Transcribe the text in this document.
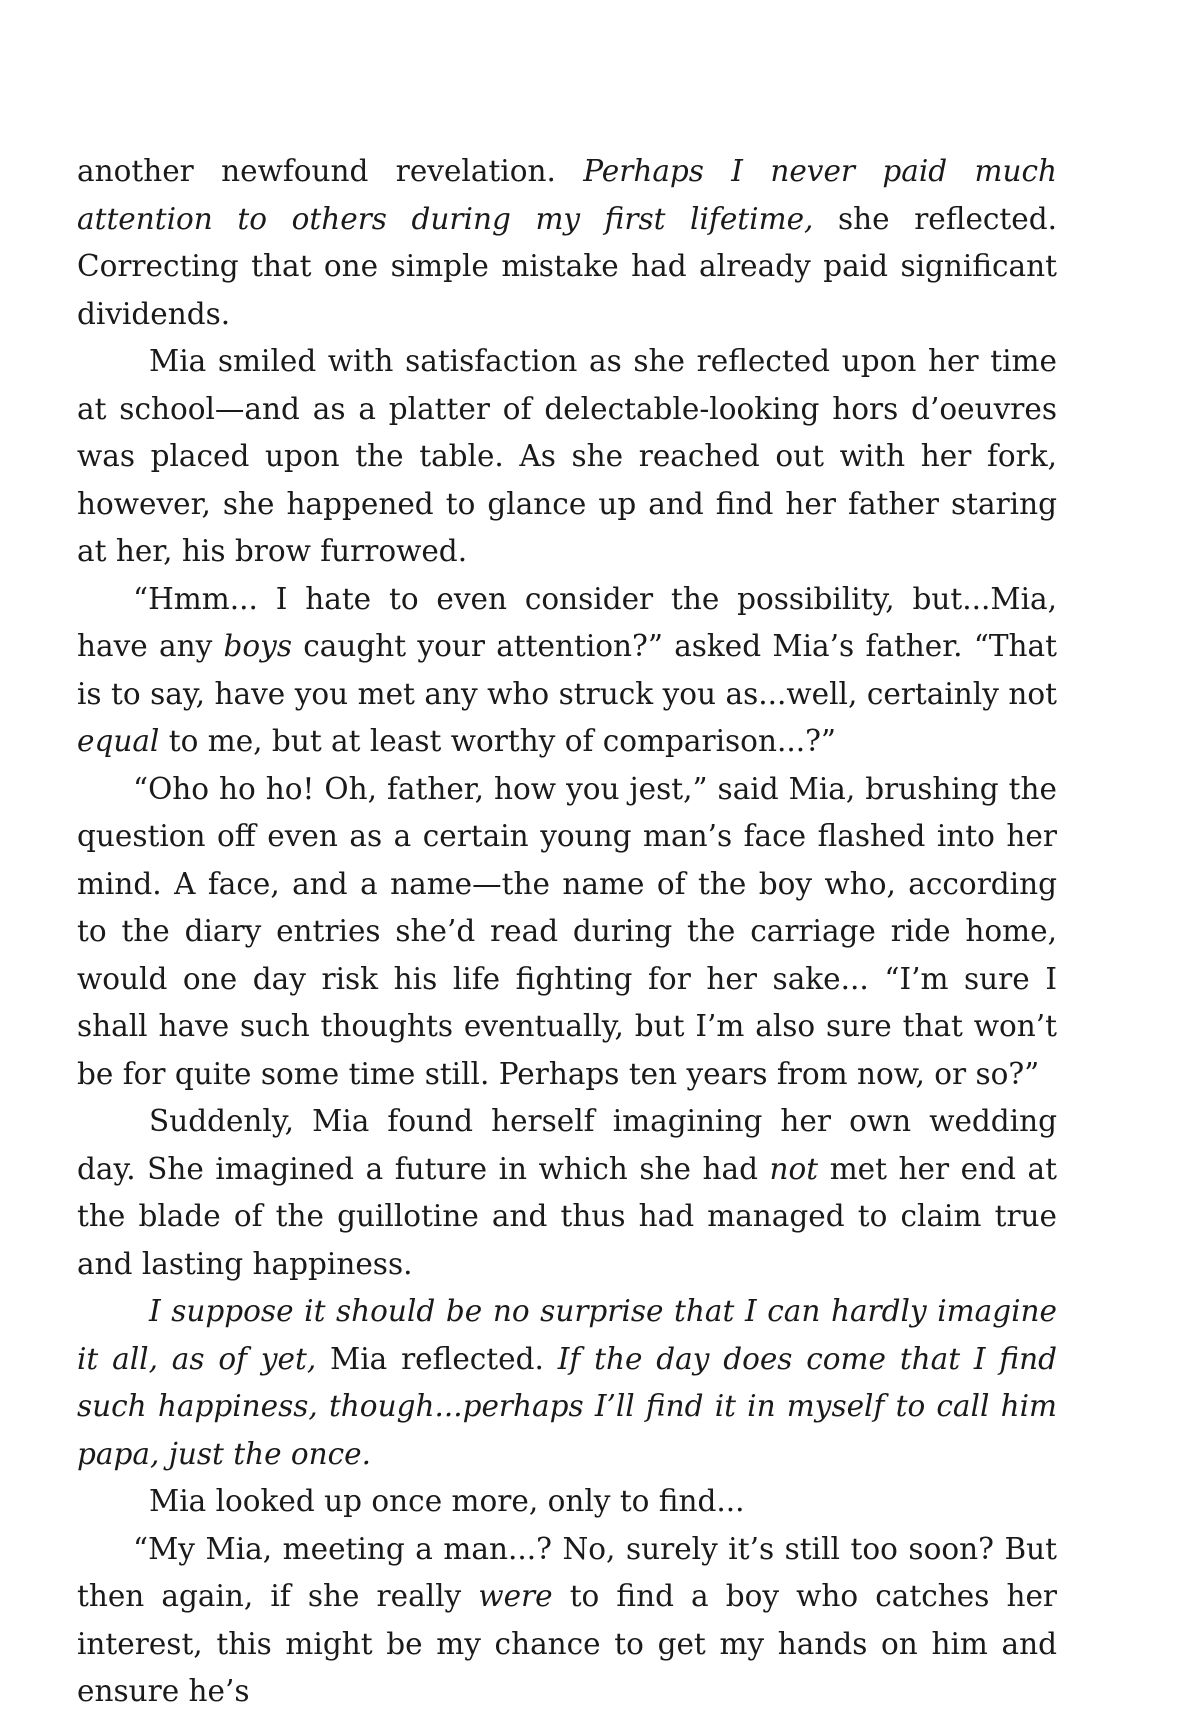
another newfound revelation. Perhaps I never paid much attention to others during my first lifetime, she reflected. Correcting that one simple mistake had already paid significant dividends.

Mia smiled with satisfaction as she reflected upon her time at school—and as a platter of delectable-looking hors d’oeuvres was placed upon the table. As she reached out with her fork, however, she happened to glance up and find her father staring at her, his brow furrowed.

“Hmm... I hate to even consider the possibility, but...Mia, have any boys caught your attention?” asked Mia’s father. “That is to say, have you met any who struck you as...well, certainly not equal to me, but at least worthy of comparison...?”

“Oho ho ho! Oh, father, how you jest,” said Mia, brushing the question off even as a certain young man’s face flashed into her mind. A face, and a name—the name of the boy who, according to the diary entries she’d read during the carriage ride home, would one day risk his life fighting for her sake... “I’m sure I shall have such thoughts eventually, but I’m also sure that won’t be for quite some time still. Perhaps ten years from now, or so?”

Suddenly, Mia found herself imagining her own wedding day. She imagined a future in which she had not met her end at the blade of the guillotine and thus had managed to claim true and lasting happiness.

I suppose it should be no surprise that I can hardly imagine it all, as of yet, Mia reflected. If the day does come that I find such happiness, though...perhaps I’ll find it in myself to call him papa, just the once.

Mia looked up once more, only to find...

“My Mia, meeting a man...? No, surely it’s still too soon? But then again, if she really were to find a boy who catches her interest, this might be my chance to get my hands on him and ensure he’s
